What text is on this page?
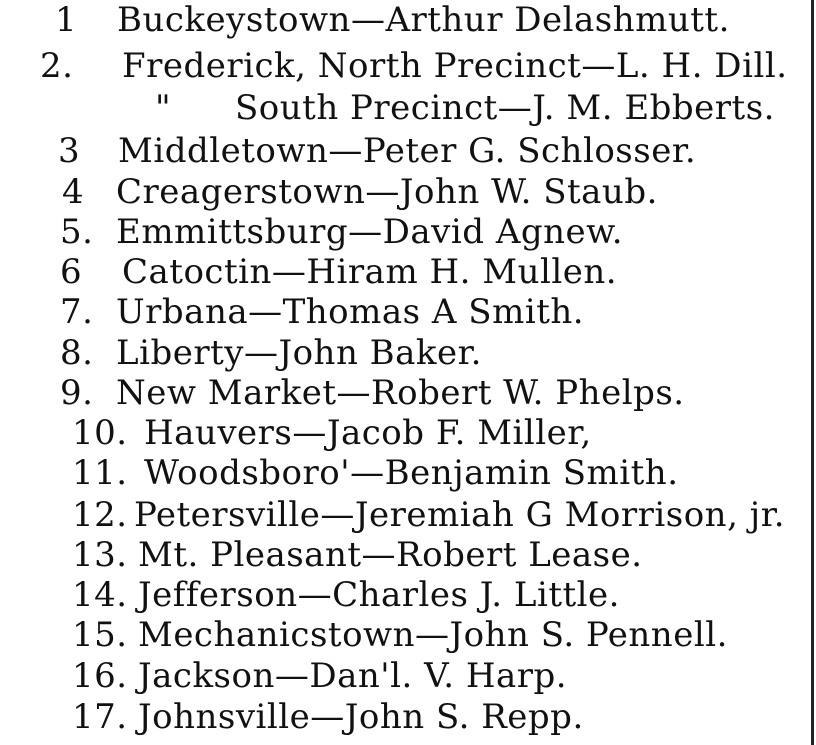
1 Buckeystown—Arthur Delashmutt.
2. Frederick, North Precinct—L. H. Dill.
" South Precinct—J. M. Ebberts.
3 Middletown—Peter G. Schlosser.
4 Creagerstown—John W. Staub.
5. Emmittsburg—David Agnew.
6 Catoctin—Hiram H. Mullen.
7. Urbana—Thomas A Smith.
8. Liberty—John Baker.
9. New Market—Robert W. Phelps.
10. Hauvers—Jacob F. Miller,
11. Woodsboro'—Benjamin Smith.
12. Petersville—Jeremiah G Morrison, jr.
13. Mt. Pleasant—Robert Lease.
14. Jefferson—Charles J. Little.
15. Mechanicstown—John S. Pennell.
16. Jackson—Dan'l. V. Harp.
17. Johnsville—John S. Repp.
